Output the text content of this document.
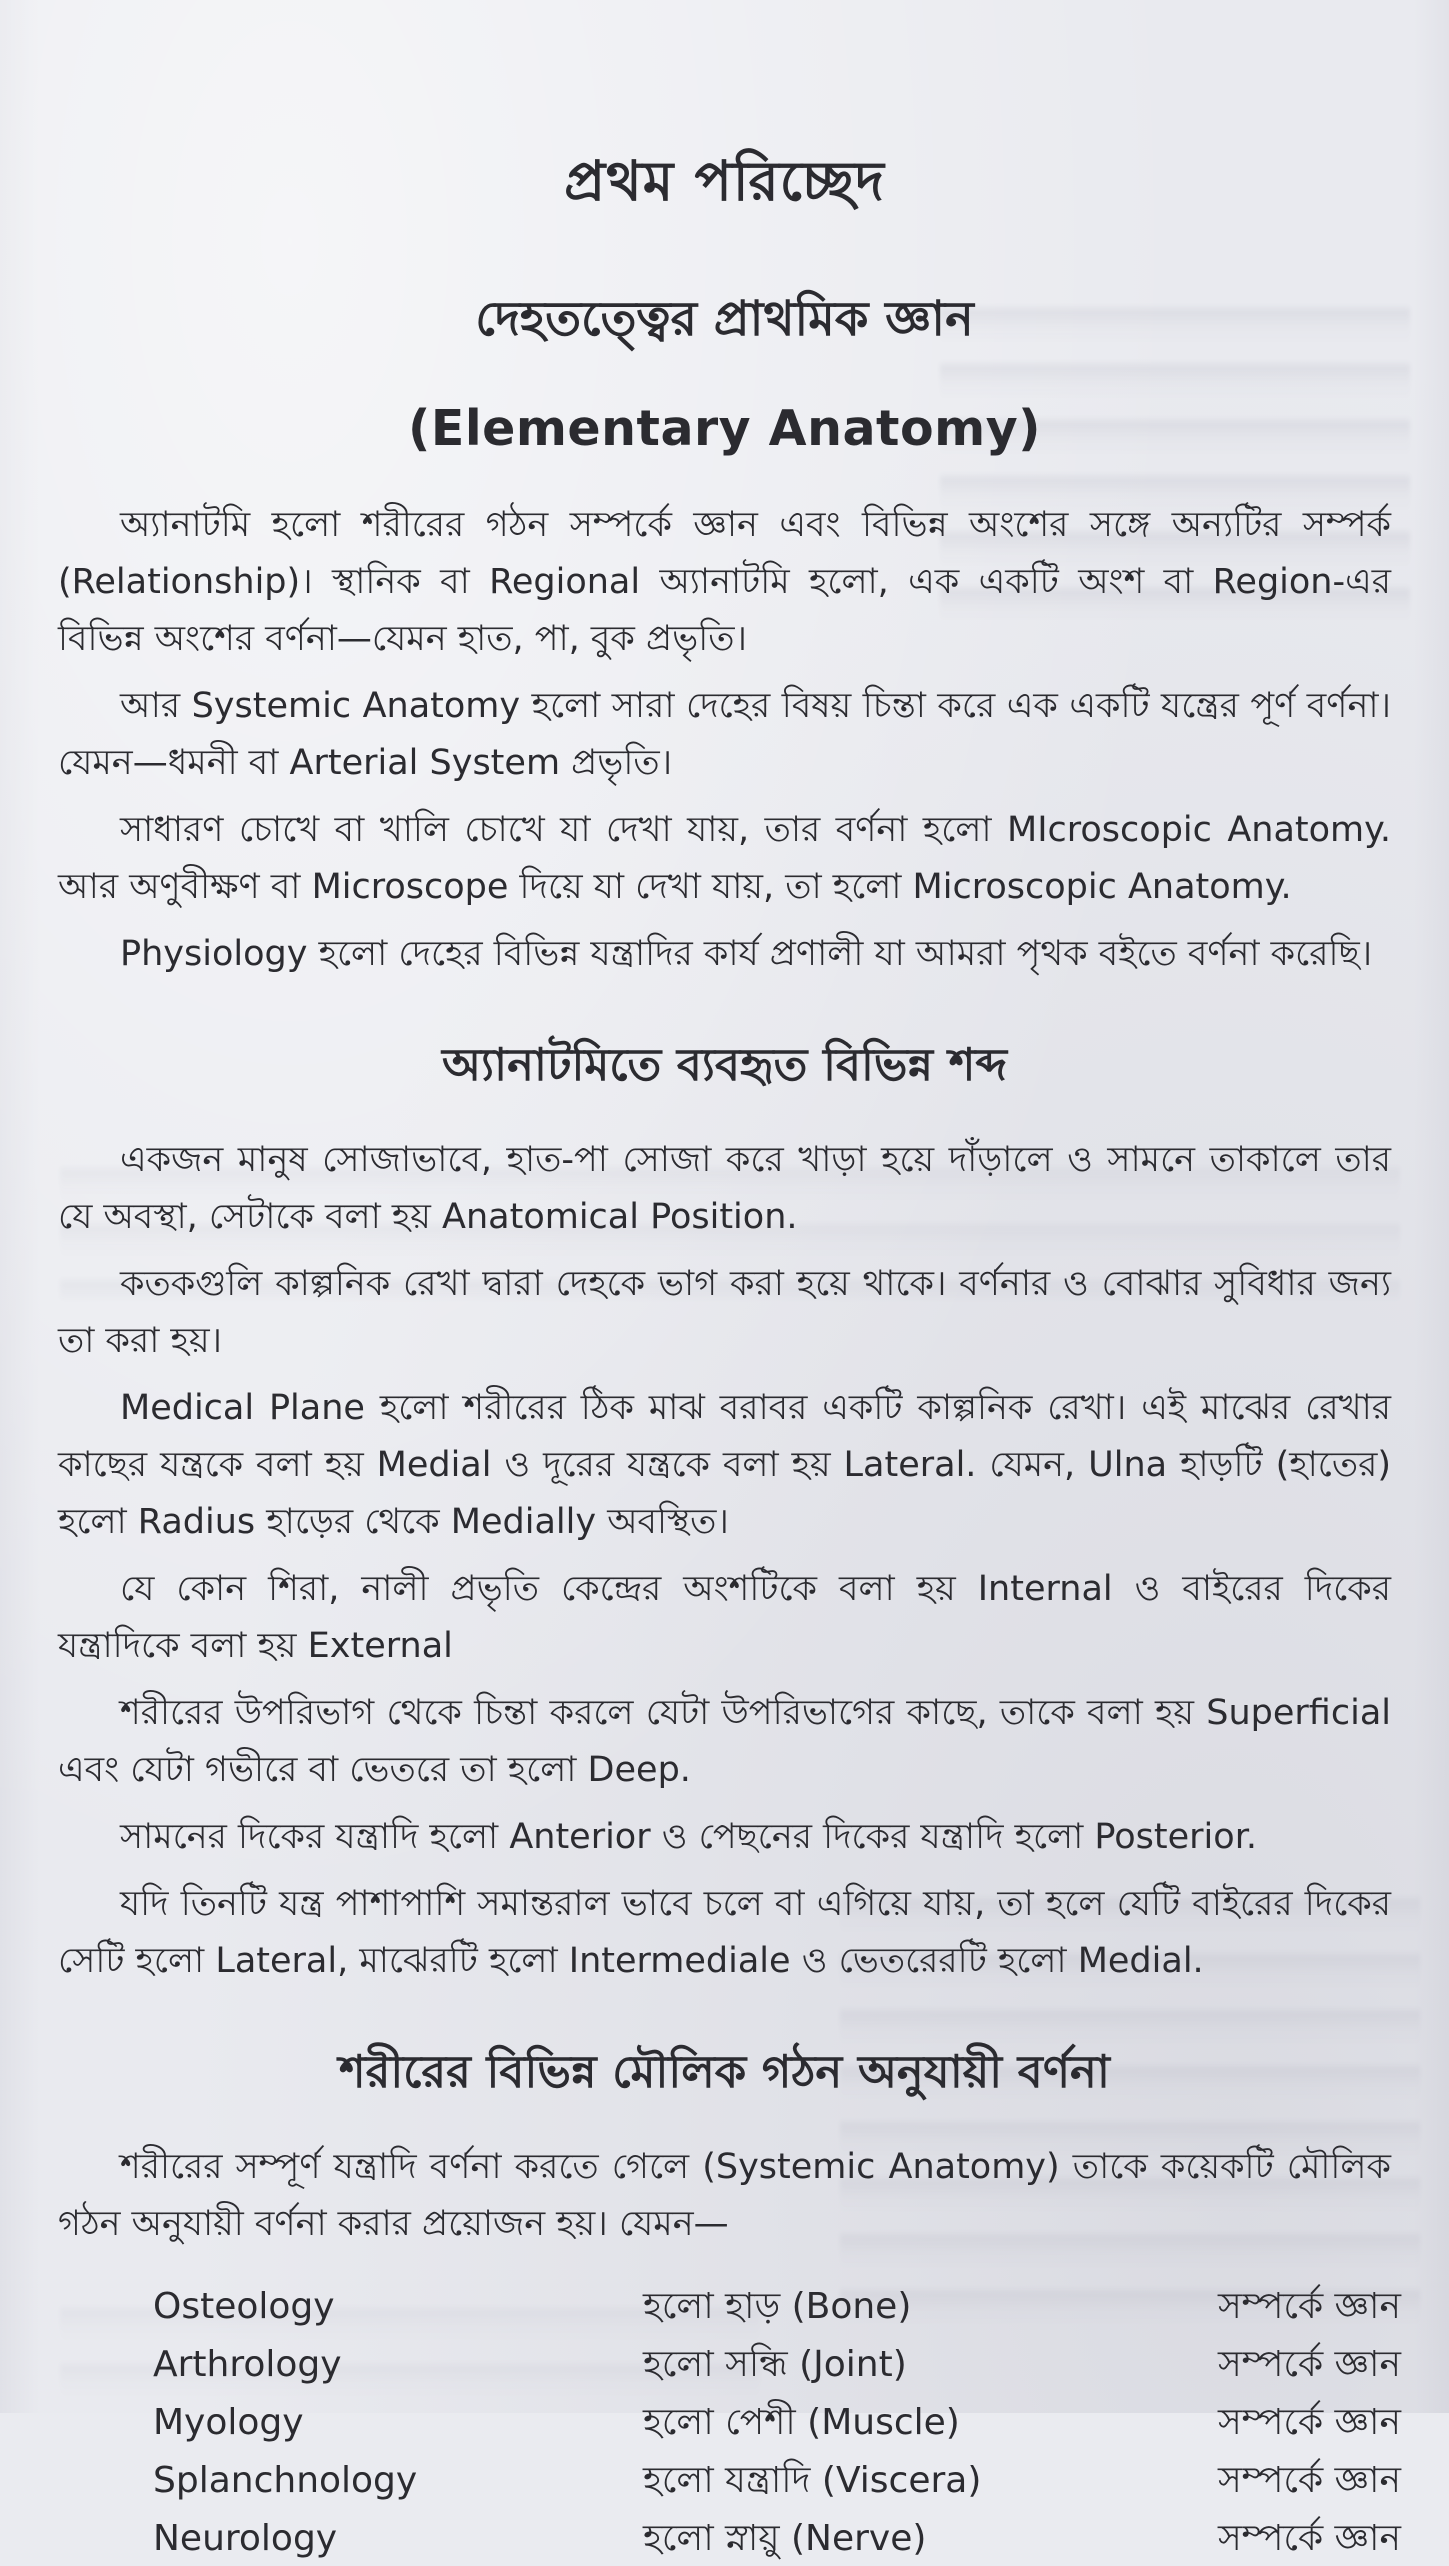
প্রথম পরিচ্ছেদ
দেহতত্ত্বের প্রাথমিক জ্ঞান
(Elementary Anatomy)

অ্যানাটমি হলো শরীরের গঠন সম্পর্কে জ্ঞান এবং বিভিন্ন অংশের সঙ্গে অন্যটির সম্পর্ক (Relationship)। স্থানিক বা Regional অ্যানাটমি হলো, এক একটি অংশ বা Region-এর বিভিন্ন অংশের বর্ণনা—যেমন হাত, পা, বুক প্রভৃতি।

আর Systemic Anatomy হলো সারা দেহের বিষয় চিন্তা করে এক একটি যন্ত্রের পূর্ণ বর্ণনা। যেমন—ধমনী বা Arterial System প্রভৃতি।

সাধারণ চোখে বা খালি চোখে যা দেখা যায়, তার বর্ণনা হলো MIcroscopic Anatomy. আর অণুবীক্ষণ বা Microscope দিয়ে যা দেখা যায়, তা হলো Microscopic Anatomy.

Physiology হলো দেহের বিভিন্ন যন্ত্রাদির কার্য প্রণালী যা আমরা পৃথক বইতে বর্ণনা করেছি।

অ্যানাটমিতে ব্যবহৃত বিভিন্ন শব্দ

একজন মানুষ সোজাভাবে, হাত-পা সোজা করে খাড়া হয়ে দাঁড়ালে ও সামনে তাকালে তার যে অবস্থা, সেটাকে বলা হয় Anatomical Position.

কতকগুলি কাল্পনিক রেখা দ্বারা দেহকে ভাগ করা হয়ে থাকে। বর্ণনার ও বোঝার সুবিধার জন্য তা করা হয়।

Medical Plane হলো শরীরের ঠিক মাঝ বরাবর একটি কাল্পনিক রেখা। এই মাঝের রেখার কাছের যন্ত্রকে বলা হয় Medial ও দূরের যন্ত্রকে বলা হয় Lateral. যেমন, Ulna হাড়টি (হাতের) হলো Radius হাড়ের থেকে Medially অবস্থিত।

যে কোন শিরা, নালী প্রভৃতি কেন্দ্রের অংশটিকে বলা হয় Internal ও বাইরের দিকের যন্ত্রাদিকে বলা হয় External

শরীরের উপরিভাগ থেকে চিন্তা করলে যেটা উপরিভাগের কাছে, তাকে বলা হয় Superficial এবং যেটা গভীরে বা ভেতরে তা হলো Deep.

সামনের দিকের যন্ত্রাদি হলো Anterior ও পেছনের দিকের যন্ত্রাদি হলো Posterior.

যদি তিনটি যন্ত্র পাশাপাশি সমান্তরাল ভাবে চলে বা এগিয়ে যায়, তা হলে যেটি বাইরের দিকের সেটি হলো Lateral, মাঝেরটি হলো Intermediale ও ভেতরেরটি হলো Medial.

শরীরের বিভিন্ন মৌলিক গঠন অনুযায়ী বর্ণনা

শরীরের সম্পূর্ণ যন্ত্রাদি বর্ণনা করতে গেলে (Systemic Anatomy) তাকে কয়েকটি মৌলিক গঠন অনুযায়ী বর্ণনা করার প্রয়োজন হয়। যেমন—

Osteology	হলো হাড় (Bone)	সম্পর্কে জ্ঞান
Arthrology	হলো সন্ধি (Joint)	সম্পর্কে জ্ঞান
Myology	হলো পেশী (Muscle)	সম্পর্কে জ্ঞান
Splanchnology	হলো যন্ত্রাদি (Viscera)	সম্পর্কে জ্ঞান
Neurology	হলো স্নায়ু (Nerve)	সম্পর্কে জ্ঞান
